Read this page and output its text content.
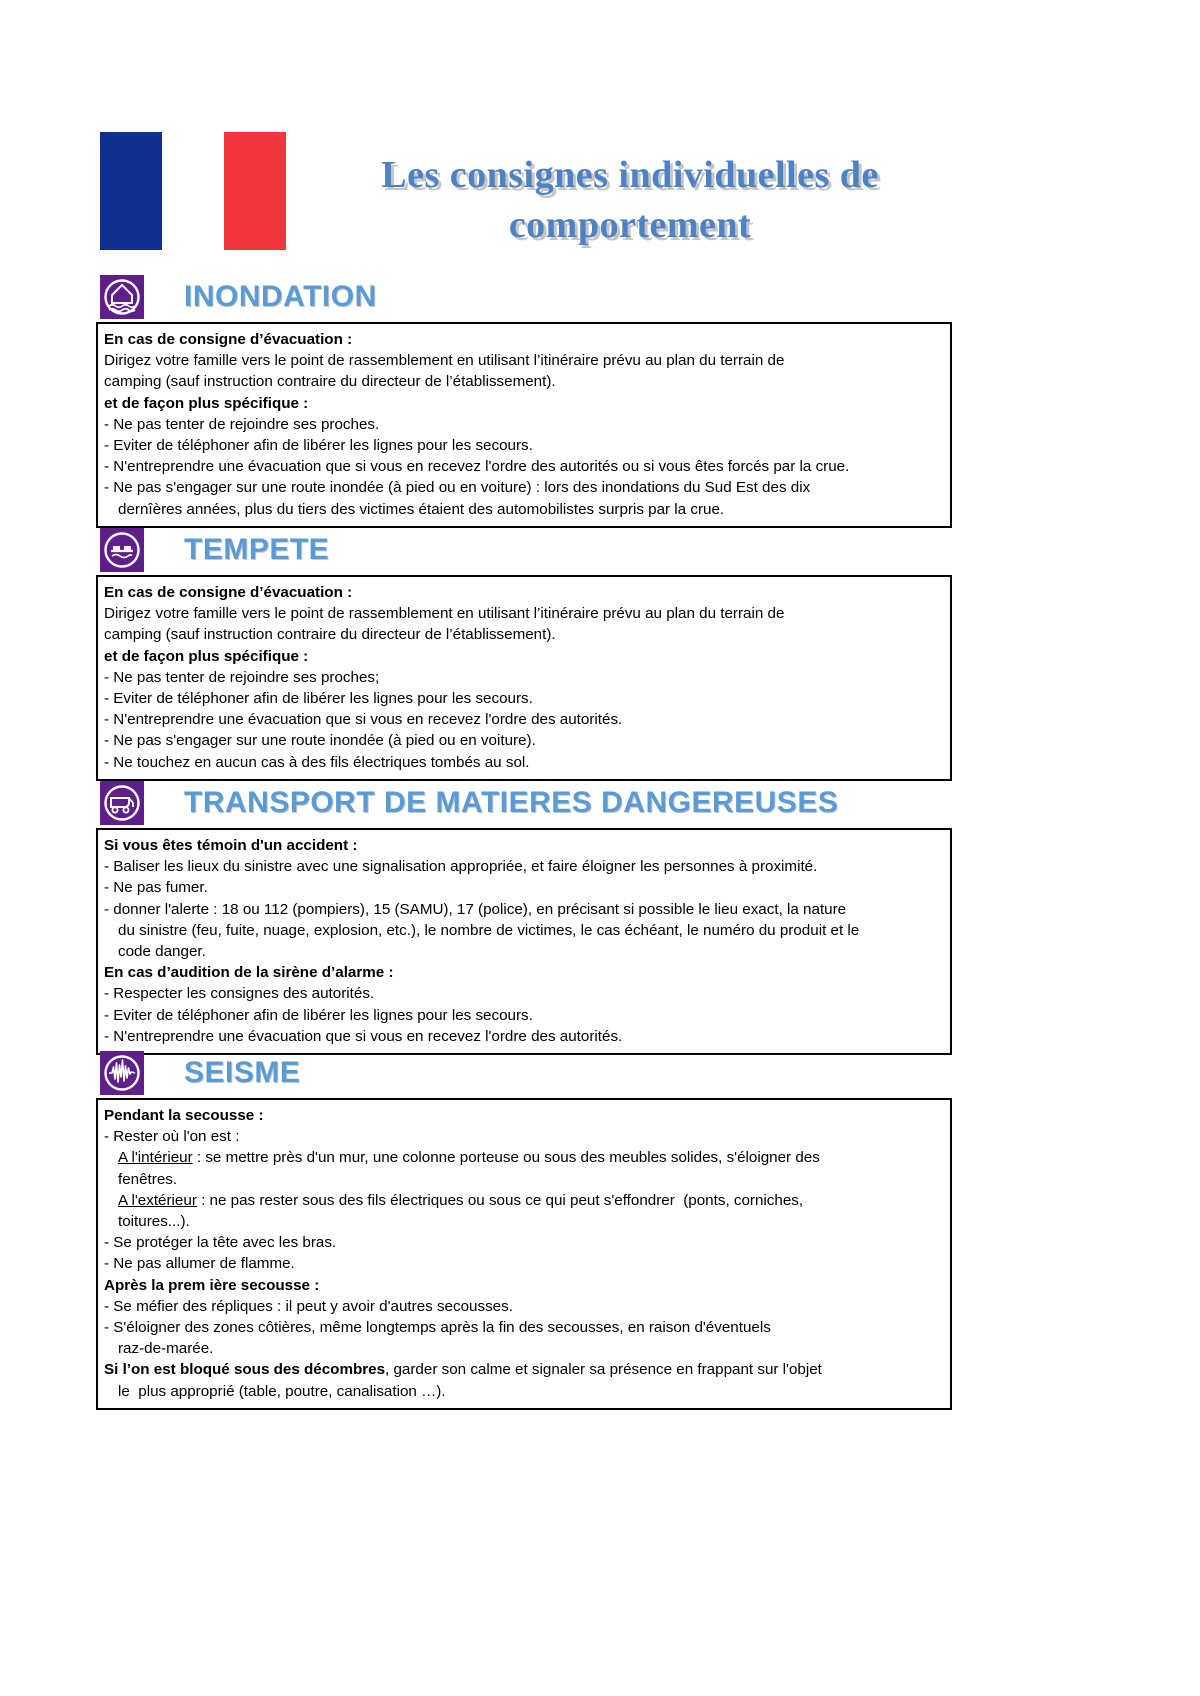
Les consignes individuelles de
comportement
INONDATION
En cas de consigne d’évacuation :
Dirigez votre famille vers le point de rassemblement en utilisant l’itinéraire prévu au plan du terrain de
camping (sauf instruction contraire du directeur de l’établissement).
et de façon plus spécifique :
- Ne pas tenter de rejoindre ses proches.
- Eviter de téléphoner afin de libérer les lignes pour les secours.
- N'entreprendre une évacuation que si vous en recevez l'ordre des autorités ou si vous êtes forcés par la crue.
- Ne pas s'engager sur une route inondée (à pied ou en voiture) : lors des inondations du Sud Est des dix
dernîères années, plus du tiers des victimes étaient des automobilistes surpris par la crue.
TEMPETE
En cas de consigne d’évacuation :
Dirigez votre famille vers le point de rassemblement en utilisant l’itinéraire prévu au plan du terrain de
camping (sauf instruction contraire du directeur de l’établissement).
et de façon plus spécifique :
- Ne pas tenter de rejoindre ses proches;
- Eviter de téléphoner afin de libérer les lignes pour les secours.
- N'entreprendre une évacuation que si vous en recevez l'ordre des autorités.
- Ne pas s'engager sur une route inondée (à pied ou en voiture).
- Ne touchez en aucun cas à des fils électriques tombés au sol.
TRANSPORT DE MATIERES DANGEREUSES
Si vous êtes témoin d'un accident :
- Baliser les lieux du sinistre avec une signalisation appropriée, et faire éloigner les personnes à proximité.
- Ne pas fumer.
- donner l'alerte : 18 ou 112 (pompiers), 15 (SAMU), 17 (police), en précisant si possible le lieu exact, la nature
du sinistre (feu, fuite, nuage, explosion, etc.), le nombre de victimes, le cas échéant, le numéro du produit et le
code danger.
En cas d’audition de la sirène d’alarme :
- Respecter les consignes des autorités.
- Eviter de téléphoner afin de libérer les lignes pour les secours.
- N'entreprendre une évacuation que si vous en recevez l'ordre des autorités.
SEISME
Pendant la secousse :
- Rester où l'on est :
A l'intérieur : se mettre près d'un mur, une colonne porteuse ou sous des meubles solides, s'éloigner des
fenêtres.
A l'extérieur : ne pas rester sous des fils électriques ou sous ce qui peut s'effondrer  (ponts, corniches,
toitures...).
- Se protéger la tête avec les bras.
- Ne pas allumer de flamme.
Après la prem ière secousse :
- Se méfier des répliques : il peut y avoir d'autres secousses.
- S'éloigner des zones côtières, même longtemps après la fin des secousses, en raison d'éventuels
raz-de-marée.
Si l’on est bloqué sous des décombres, garder son calme et signaler sa présence en frappant sur l'objet
le  plus approprié (table, poutre, canalisation …).
